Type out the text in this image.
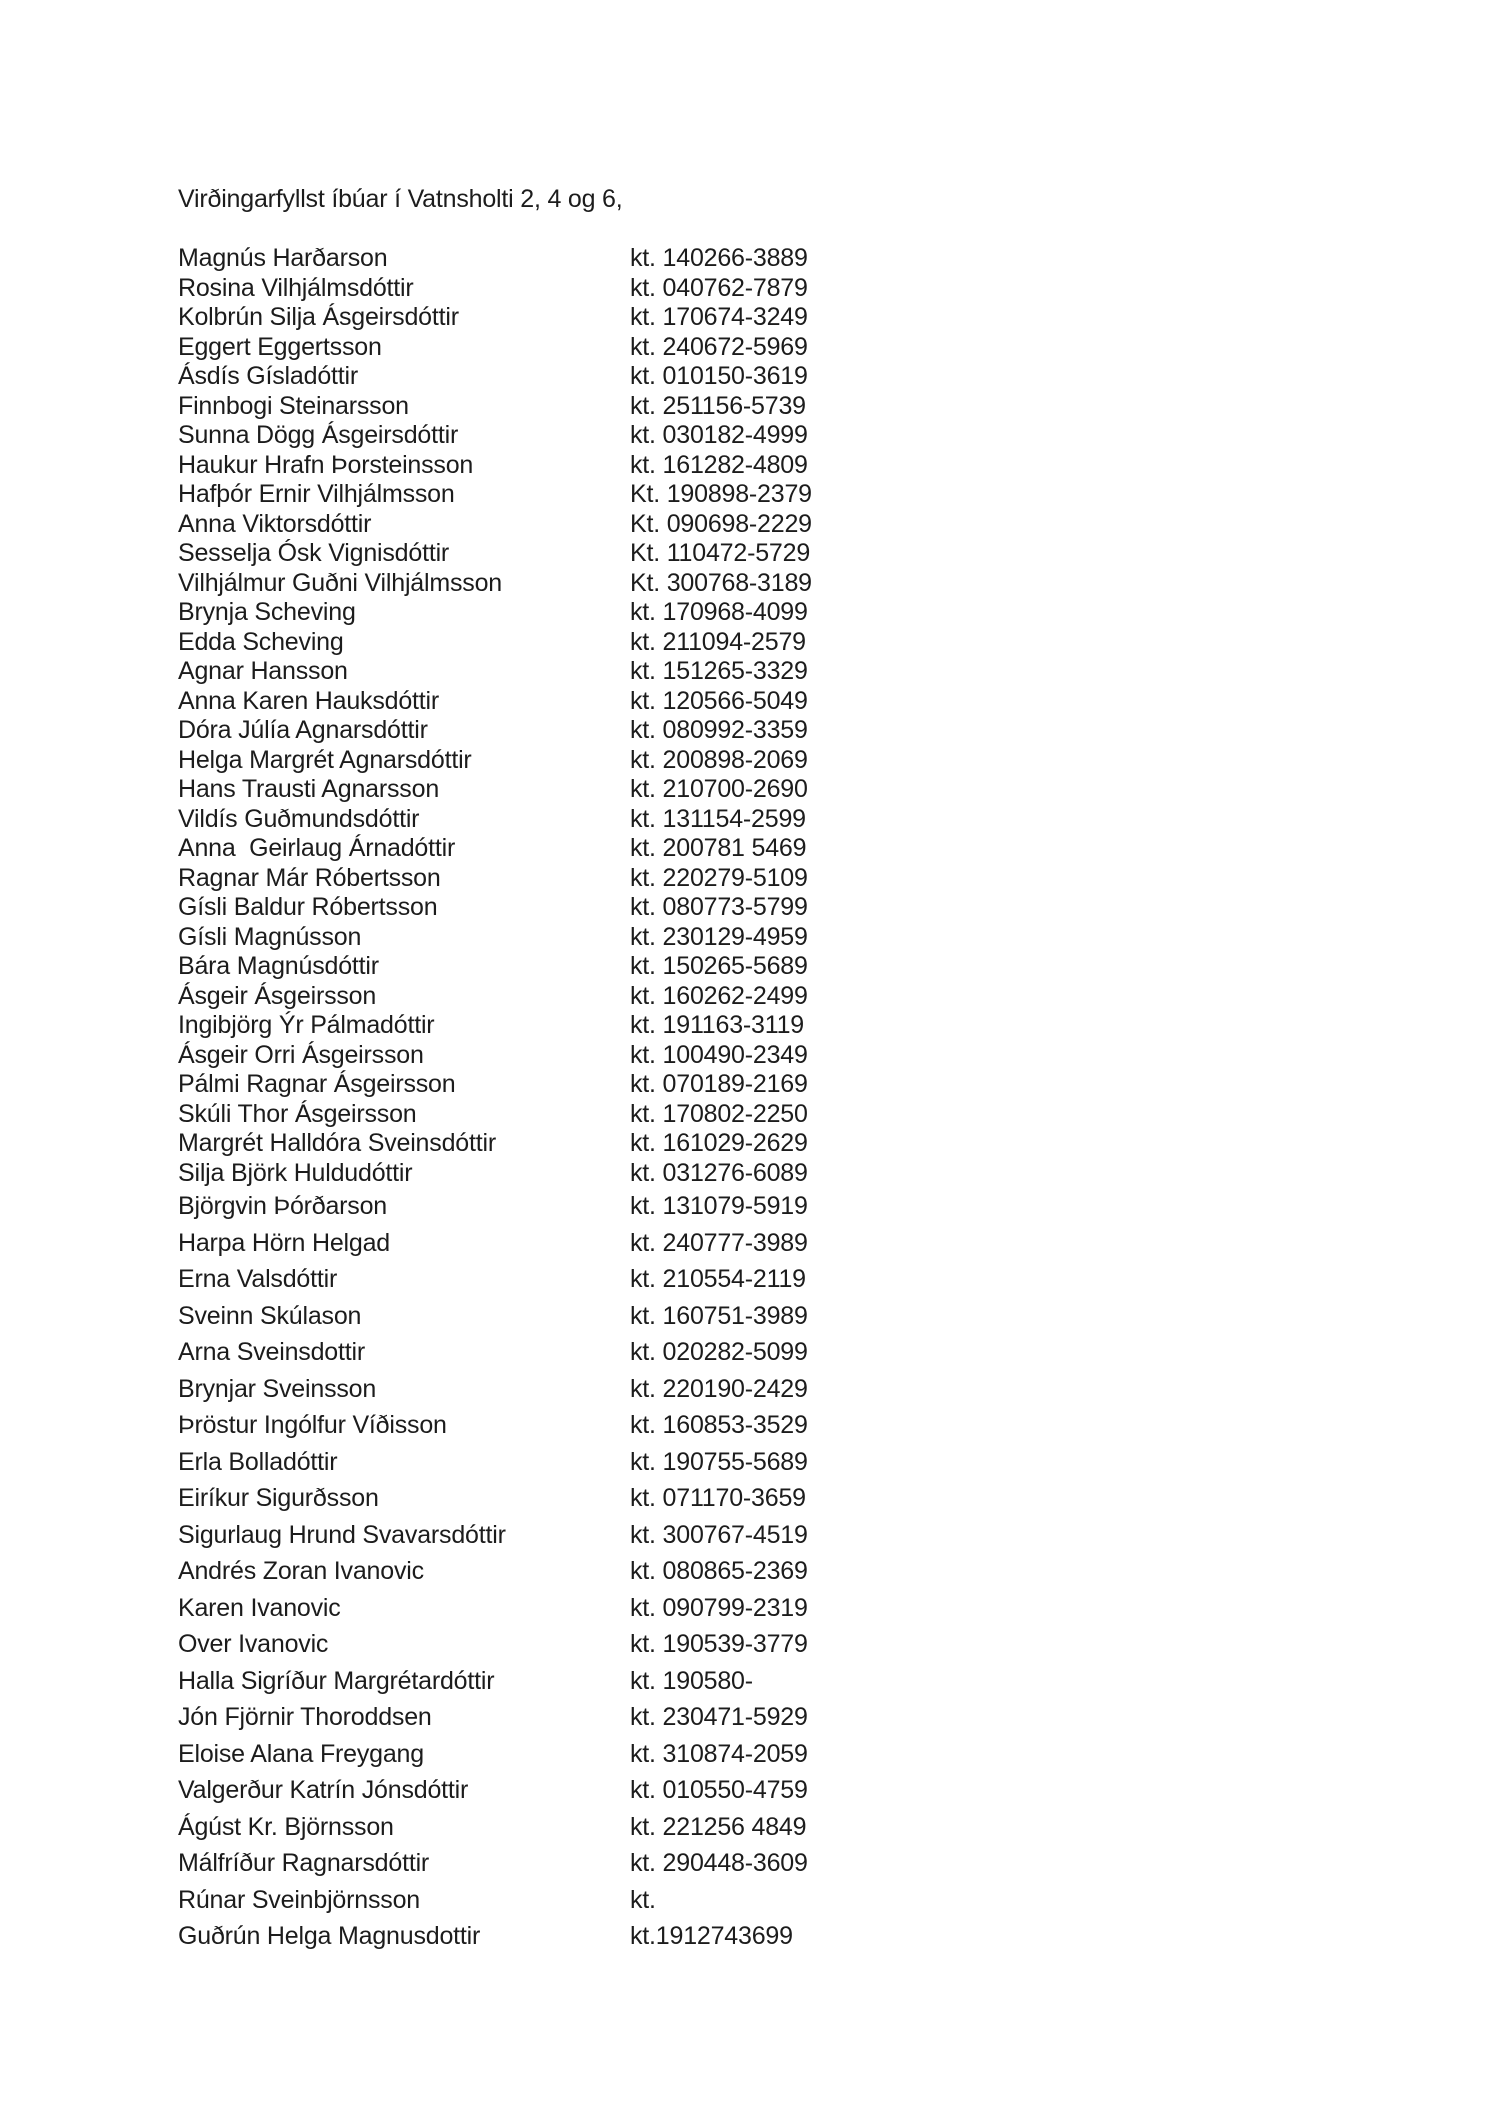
Virðingarfyllst íbúar í Vatnsholti 2, 4 og 6,
Magnús Harðarson	kt. 140266-3889
Rosina Vilhjálmsdóttir	kt. 040762-7879
Kolbrún Silja Ásgeirsdóttir	kt. 170674-3249
Eggert Eggertsson	kt. 240672-5969
Ásdís Gísladóttir	kt. 010150-3619
Finnbogi Steinarsson	kt. 251156-5739
Sunna Dögg Ásgeirsdóttir	kt. 030182-4999
Haukur Hrafn Þorsteinsson	kt. 161282-4809
Hafþór Ernir Vilhjálmsson	Kt. 190898-2379
Anna Viktorsdóttir	Kt. 090698-2229
Sesselja Ósk Vignisdóttir	Kt. 110472-5729
Vilhjálmur Guðni Vilhjálmsson	Kt. 300768-3189
Brynja Scheving	kt. 170968-4099
Edda Scheving	kt. 211094-2579
Agnar Hansson	kt. 151265-3329
Anna Karen Hauksdóttir	kt. 120566-5049
Dóra Júlía Agnarsdóttir	kt. 080992-3359
Helga Margrét Agnarsdóttir	kt. 200898-2069
Hans Trausti Agnarsson	kt. 210700-2690
Vildís Guðmundsdóttir	kt. 131154-2599
Anna  Geirlaug Árnadóttir	kt. 200781 5469
Ragnar Már Róbertsson	kt. 220279-5109
Gísli Baldur Róbertsson	kt. 080773-5799
Gísli Magnússon	kt. 230129-4959
Bára Magnúsdóttir	kt. 150265-5689
Ásgeir Ásgeirsson	kt. 160262-2499
Ingibjörg Ýr Pálmadóttir	kt. 191163-3119
Ásgeir Orri Ásgeirsson	kt. 100490-2349
Pálmi Ragnar Ásgeirsson	kt. 070189-2169
Skúli Thor Ásgeirsson	kt. 170802-2250
Margrét Halldóra Sveinsdóttir	kt. 161029-2629
Silja Björk Huldudóttir	kt. 031276-6089
Björgvin Þórðarson	kt. 131079-5919
Harpa Hörn Helgad	kt. 240777-3989
Erna Valsdóttir	kt. 210554-2119
Sveinn Skúlason	kt. 160751-3989
Arna Sveinsdottir	kt. 020282-5099
Brynjar Sveinsson	kt. 220190-2429
Þröstur Ingólfur Víðisson	kt. 160853-3529
Erla Bolladóttir	kt. 190755-5689
Eiríkur Sigurðsson	kt. 071170-3659
Sigurlaug Hrund Svavarsdóttir	kt. 300767-4519
Andrés Zoran Ivanovic	kt. 080865-2369
Karen Ivanovic	kt. 090799-2319
Over Ivanovic	kt. 190539-3779
Halla Sigríður Margrétardóttir	kt. 190580-
Jón Fjörnir Thoroddsen	kt. 230471-5929
Eloise Alana Freygang	kt. 310874-2059
Valgerður Katrín Jónsdóttir	kt. 010550-4759
Ágúst Kr. Björnsson	kt. 221256 4849
Málfríður Ragnarsdóttir	kt. 290448-3609
Rúnar Sveinbjörnsson	kt.
Guðrún Helga Magnusdottir	kt.1912743699
